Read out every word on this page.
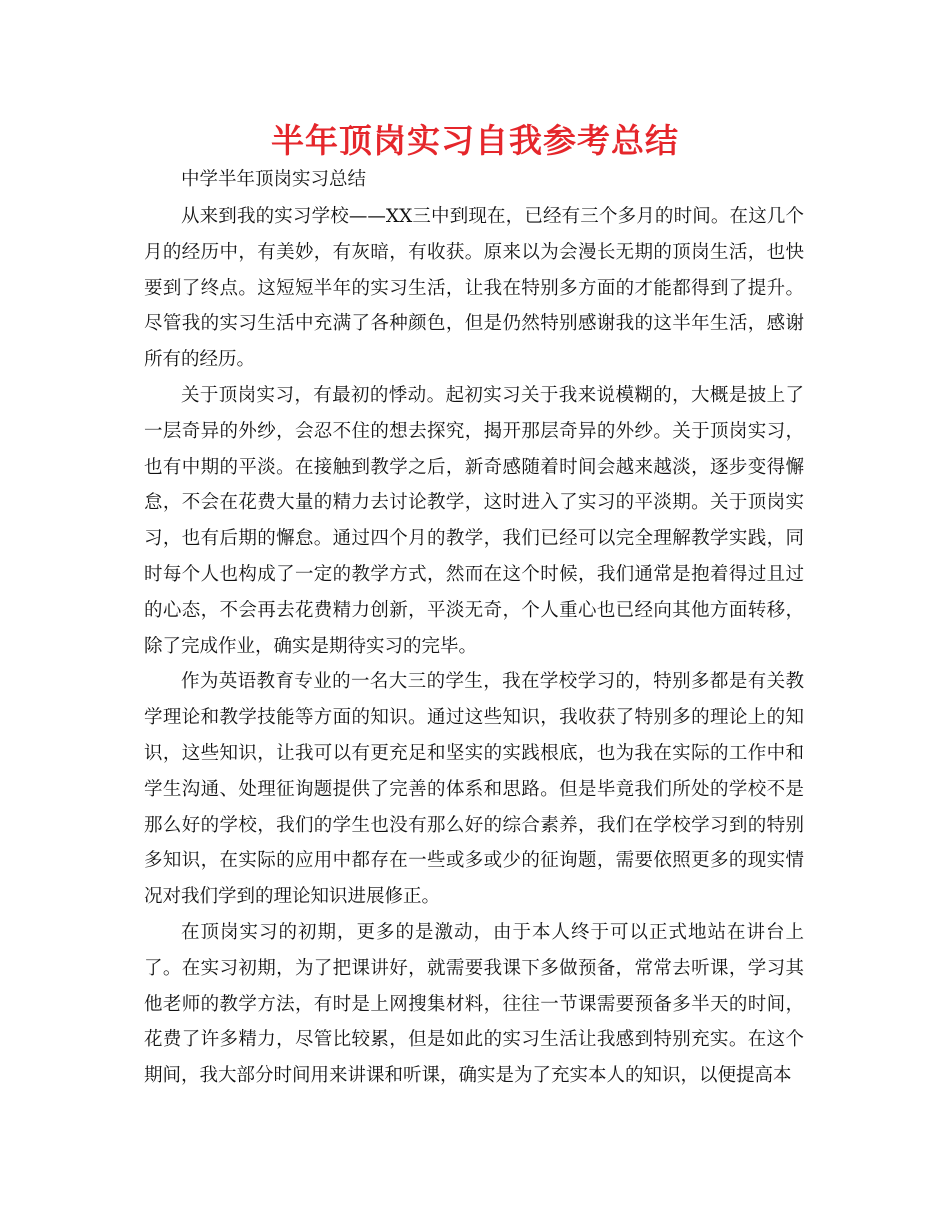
半年顶岗实习自我参考总结
中学半年顶岗实习总结

从来到我的实习学校——XX三中到现在，已经有三个多月的时间。在这几个月的经历中，有美妙，有灰暗，有收获。原来以为会漫长无期的顶岗生活，也快要到了终点。这短短半年的实习生活，让我在特别多方面的才能都得到了提升。尽管我的实习生活中充满了各种颜色，但是仍然特别感谢我的这半年生活，感谢所有的经历。

关于顶岗实习，有最初的悸动。起初实习关于我来说模糊的，大概是披上了一层奇异的外纱，会忍不住的想去探究，揭开那层奇异的外纱。关于顶岗实习，也有中期的平淡。在接触到教学之后，新奇感随着时间会越来越淡，逐步变得懈怠，不会在花费大量的精力去讨论教学，这时进入了实习的平淡期。关于顶岗实习，也有后期的懈怠。通过四个月的教学，我们已经可以完全理解教学实践，同时每个人也构成了一定的教学方式，然而在这个时候，我们通常是抱着得过且过的心态，不会再去花费精力创新，平淡无奇，个人重心也已经向其他方面转移，除了完成作业，确实是期待实习的完毕。

作为英语教育专业的一名大三的学生，我在学校学习的，特别多都是有关教学理论和教学技能等方面的知识。通过这些知识，我收获了特别多的理论上的知识，这些知识，让我可以有更充足和坚实的实践根底，也为我在实际的工作中和学生沟通、处理征询题提供了完善的体系和思路。但是毕竟我们所处的学校不是那么好的学校，我们的学生也没有那么好的综合素养，我们在学校学习到的特别多知识，在实际的应用中都存在一些或多或少的征询题，需要依照更多的现实情况对我们学到的理论知识进展修正。

在顶岗实习的初期，更多的是激动，由于本人终于可以正式地站在讲台上了。在实习初期，为了把课讲好，就需要我课下多做预备，常常去听课，学习其他老师的教学方法，有时是上网搜集材料，往往一节课需要预备多半天的时间，花费了许多精力，尽管比较累，但是如此的实习生活让我感到特别充实。在这个期间，我大部分时间用来讲课和听课，确实是为了充实本人的知识，以便提高本
